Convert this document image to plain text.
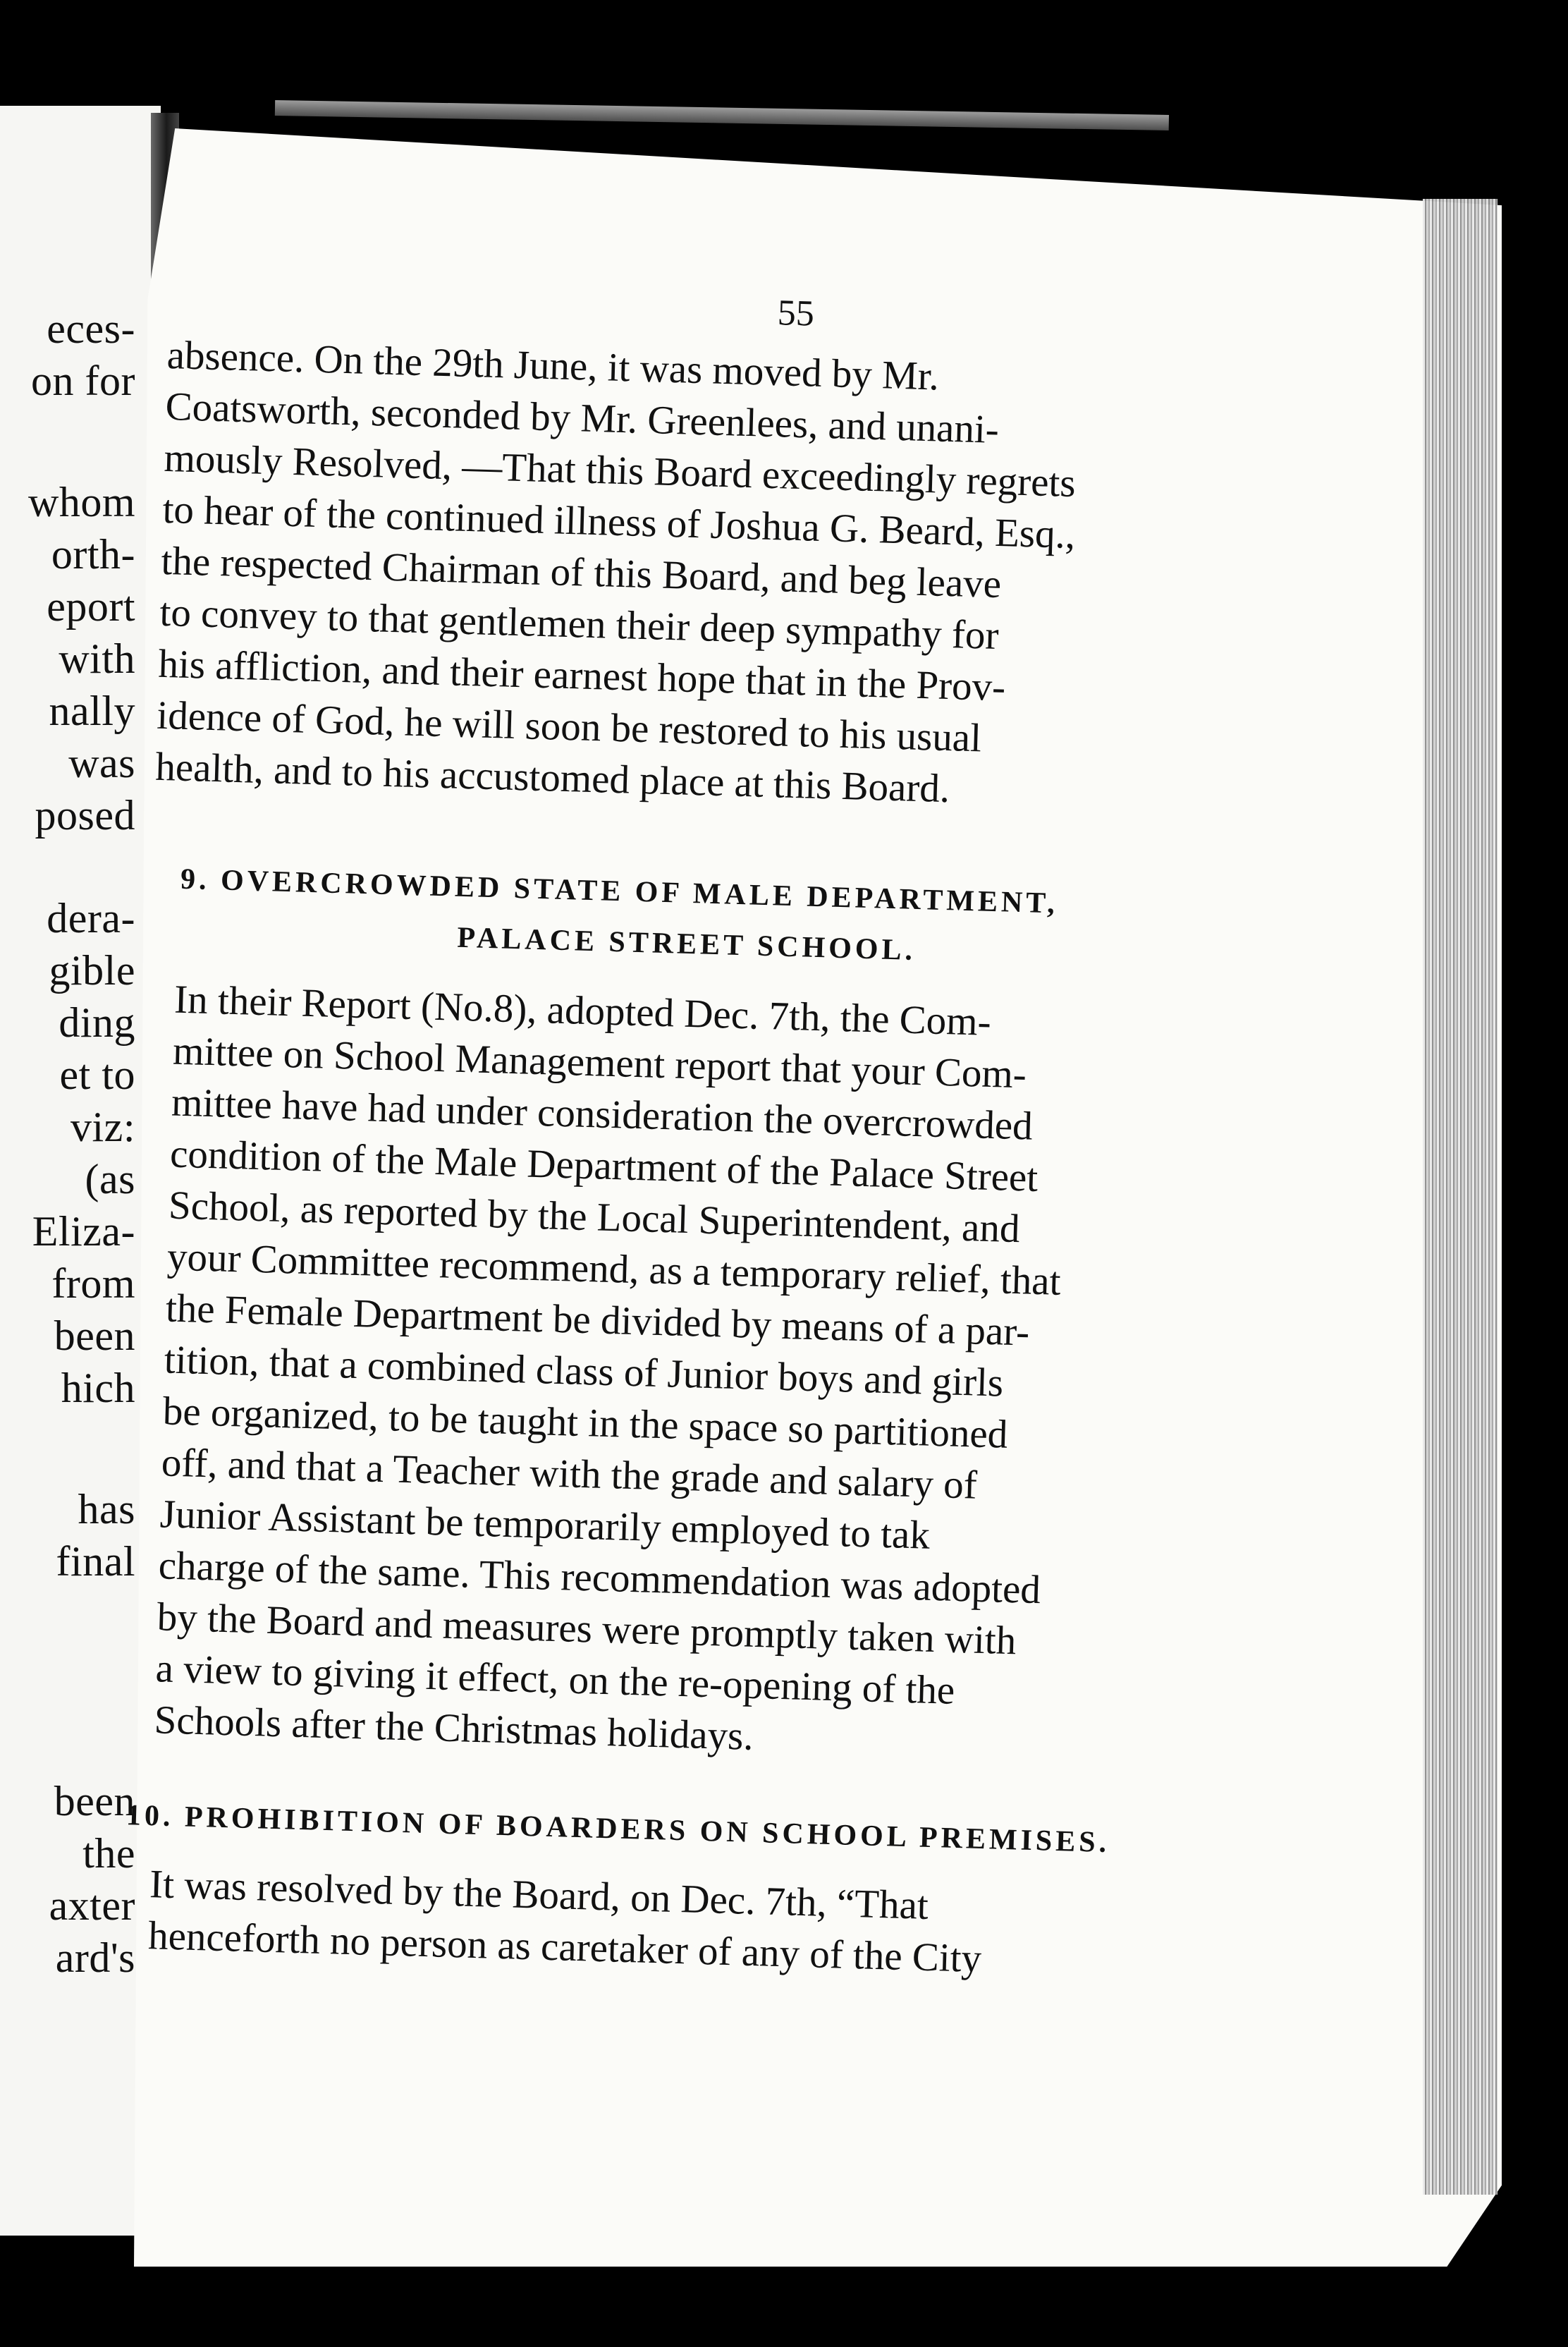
eces-
on for
whom
orth-
eport
with
nally
was
posed
dera-
gible
ding
et to
viz:
(as
Eliza-
from
been
hich
has
final
been
the
axter
ard's
55
absence. On the 29th June, it was moved by Mr.
Coatsworth, seconded by Mr. Greenlees, and unani-
mously Resolved, —That this Board exceedingly regrets
to hear of the continued illness of Joshua G. Beard, Esq.,
the respected Chairman of this Board, and beg leave
to convey to that gentlemen their deep sympathy for
his affliction, and their earnest hope that in the Prov-
idence of God, he will soon be restored to his usual
health, and to his accustomed place at this Board.
9. OVERCROWDED STATE OF MALE DEPARTMENT,
PALACE STREET SCHOOL.
In their Report (No.8), adopted Dec. 7th, the Com-
mittee on School Management report that your Com-
mittee have had under consideration the overcrowded
condition of the Male Department of the Palace Street
School, as reported by the Local Superintendent, and
your Committee recommend, as a temporary relief, that
the Female Department be divided by means of a par-
tition, that a combined class of Junior boys and girls
be organized, to be taught in the space so partitioned
off, and that a Teacher with the grade and salary of
Junior Assistant be temporarily employed to tak
charge of the same. This recommendation was adopted
by the Board and measures were promptly taken with
a view to giving it effect, on the re-opening of the
Schools after the Christmas holidays.
10. PROHIBITION OF BOARDERS ON SCHOOL PREMISES.
It was resolved by the Board, on Dec. 7th, “That
henceforth no person as caretaker of any of the City
